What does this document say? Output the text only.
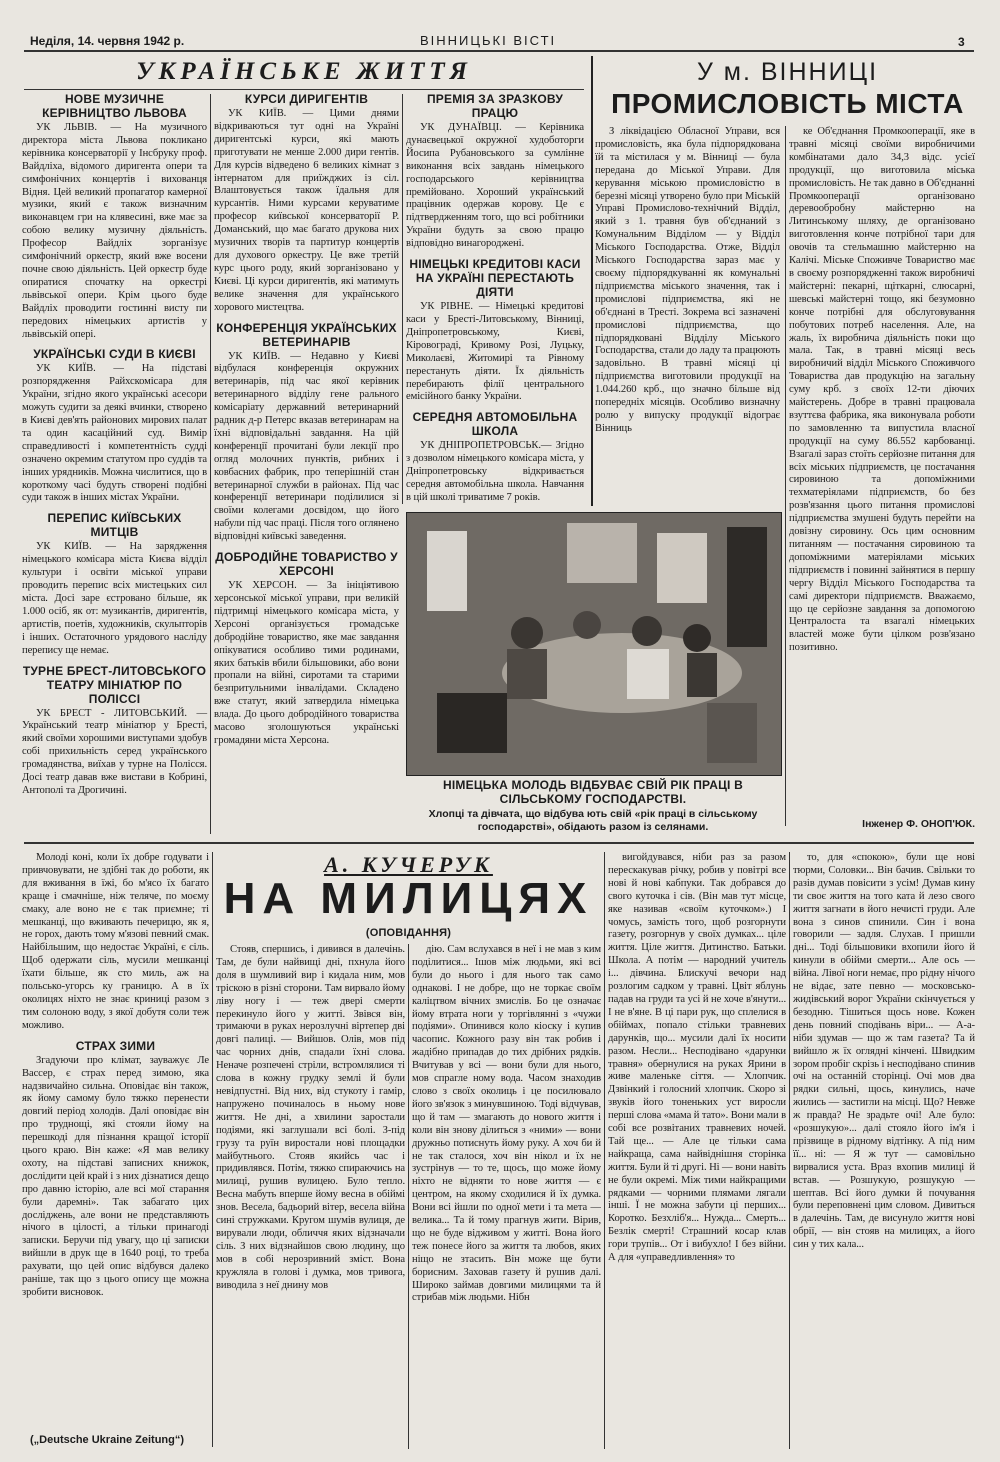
Неділя, 14. червня 1942 р.	ВІННИЦЬКІ ВІСТІ	3
УКРАЇНСЬКЕ ЖИТТЯ
НОВЕ МУЗИЧНЕ КЕРІВНИЦТВО ЛЬВОВА

УК ЛЬВІВ. — На музичного директора міста Львова покликано керівника консерваторії у Інсбруку проф. Вайдліха, відомого диригента опери та симфонічних концертів і вихованця Відня. Цей великий пропагатор камерної музики, який є також визначним виконавцем гри на клявесині, вже має за собою велику музичну діяльність. Професор Вайдліх зорганізує симфонічний оркестр, який вже восени почне свою діяльність. Цей оркестр буде опиратися спочатку на оркестрі львівської опери. Крім цього буде Вайдліх проводити гостинні висту пи передових німецьких артистів у львівській опері.

УКРАЇНСЬКІ СУДИ В КИЄВІ

УК КИЇВ. — На підставі розпорядження Райхскомісара для України, згідно якого українські асесори можуть судити за деякі вчинки, створено в Києві дев'ять районових мирових палат та один касаційний суд. Вимір справедливості і компетентність судді означено окремим статутом про суддів та інших урядників. Можна числитися, що в короткому часі будуть створені подібні суди також в інших містах України.

ПЕРЕПИС КИЇВСЬКИХ МИТЦІВ

УК КИЇВ. — На зарядження німецького комісара міста Києва відділ культури і освіти міської управи проводить перепис всіх мистецьких сил міста. Досі заре єстровано більше, як 1.000 осіб, як от: музикантів, диригентів, артистів, поетів, художників, скульпторів і інших. Остаточного урядового насліду перепису ще немає.

ТУРНЕ БРЕСТ-ЛИТОВСЬКОГО ТЕАТРУ МІНІАТЮР ПО ПОЛІССІ

УК БРЕСТ - ЛИТОВСЬКИЙ. — Український театр мініатюр у Бресті, який своїми хорошими виступами здобув собі прихильність серед українського громадянства, виїхав у турне на Полісся. Досі театр давав вже вистави в Кобрині, Антополі та Дрогичині.

КУРСИ ДИРИГЕНТІВ

УК КИЇВ. — Цими днями відкриваються тут одні на Україні диригентські курси, які мають приготувати не менше 2.000 дири гентів. Для курсів відведено 6 великих кімнат з інтернатом для приїжджих із сіл. Влаштовується також їдальня для курсантів. Ними курсами керуватиме професор київської консерваторії Р. Доманський, що має багато друкова них музичних творів та партитур концертів для духового оркестру. Це вже третій курс цього роду, який зорганізовано у Києві. Ці курси диригентів, які матимуть велике значення для українського хорового мистецтва.

КОНФЕРЕНЦІЯ УКРАЇНСЬКИХ ВЕТЕРИНАРІВ

УК КИЇВ. — Недавно у Києві відбулася конференція окружних ветеринарів, під час якої керівник ветеринарного відділу гене рального комісаріату державний ветеринарний радник д-р Петерс вказав ветеринарам на їхні відповідальні завдання. На цій конференції прочитані були лекції про огляд молочних пунктів, рибних і ковбасних фабрик, про теперішній стан ветеринарної служби в районах. Під час конференції ветеринари поділилися зі своїми колегами досвідом, що його набули під час праці. Після того оглянено відповідні київські заведення.

ДОБРОДІЙНЕ ТОВАРИСТВО У ХЕРСОНІ

УК ХЕРСОН. — За ініціятивою херсонської міської управи, при великій підтримці німецького комісара міста, у Херсоні організується громадське добродійне товариство, яке має завдання опікуватися особливо тими родинами, яких батьків вбили більшовики, або вони пропали на війні, сиротами та старими безпритульними інвалідами. Складено вже статут, який затвердила німецька влада. До цього добродійного товариства масово зголошуються українські громадяни міста Херсона.

ПРЕМІЯ ЗА ЗРАЗКОВУ ПРАЦЮ

УК ДУНАЇВЦІ. — Керівника дунаєвецької окружної худоботорги Йосипа Рубановського за сумлінне виконання всіх завдань німецького господарського керівництва премійовано. Хороший український працівник одержав корову. Це є підтвердженням того, що всі робітники України будуть за свою працю відповідно винагороджені.

НІМЕЦЬКІ КРЕДИТОВІ КАСИ НА УКРАЇНІ ПЕРЕСТАЮТЬ ДІЯТИ

УК РІВНЕ. — Німецькі кредитові каси у Бресті-Литовському, Вінниці, Дніпропетровському, Києві, Кіровограді, Кривому Розі, Луцьку, Миколаєві, Житомирі та Рівному перестануть діяти. Їх діяльність перебирають філії центрального емісійного банку України.

СЕРЕДНЯ АВТОМОБІЛЬНА ШКОЛА

УК ДНІПРОПЕТРОВСЬК.— Згідно з дозволом німецького комісара міста, у Дніпропетровську відкривається середня автомобільна школа. Навчання в цій школі триватиме 7 років.

У м. ВІННИЦІ
ПРОМИСЛОВІСТЬ МІСТА

З ліквідацією Обласної Управи, вся промисловість, яка була підпорядкована їй та містилася у м. Вінниці — була передана до Міської Управи. Для керування міською промисловістю в березні місяці утворено було при Міській Управі Промислово-технічний Відділ, який з 1. травня був об'єднаний з Комунальним Відділом — у Відділ Міського Господарства. Отже, Відділ Міського Господарства зараз має у своєму підпорядкуванні як комунальні підприємства міського значення, так і промислові підприємства, які не об'єднані в Тресті. Зокрема всі зазначені промислові підприємства, що підпорядковані Відділу Міського Господарства, стали до ладу та працюють задовільно. В травні місяці ці підприємства виготовили продукції на 1.044.260 крб., що значно більше від попередніх місяців. Особливо визначну ролю у випуску продукції відограє Вінниць

ке Об'єднання Промкооперації, яке в травні місяці своїми виробничими комбінатами дало 34,3 відс. усієї продукції, що виготовила міська промисловість. Не так давно в Об'єднанні Промкооперації організовано деревообробну майстерню на Литинському шляху, де організовано виготовлення конче потрібної тари для овочів та стельмашню майстерню на Калічі. Міське Споживче Товариство має в своєму розпорядженні також виробничі майстерні: пекарні, щіткарні, слюсарні, шевські майстерні тощо, які безумовно конче потрібні для обслуговування побутових потреб населення. Але, на жаль, їх виробнича діяльність поки що мала. Так, в травні місяці весь виробничий відділ Міського Споживчого Товариства дав продукцію на загальну суму крб. з своїх 12-ти діючих майстерень. Добре в травні працювала взуттєва фабрика, яка виконувала роботи по замовленню та випустила власної продукції на суму 86.552 карбованці. Взагалі зараз стоїть серйозне питання для всіх міських підприємств, це постачання сировиною та допоміжними техматеріялами підприємств, бо без розв'язання цього питання промислові підприємства змушені будуть перейти на довізну сировину. Ось цим основним питанням — постачання сировиною та допоміжними матеріялами міських підприємств і повинні зайнятися в першу чергу Відділ Міського Господарства та самі директори підприємств. Вважаємо, що це серйозне завдання за допомогою Централоста та взагалі німецьких властей може бути цілком розв'язано позитивно.

Інженер Ф. ОНОП'ЮК.
НІМЕЦЬКА МОЛОДЬ ВІДБУВАЄ СВІЙ РІК ПРАЦІ В СІЛЬСЬКОМУ ГОСПОДАРСТВІ.
Хлопці та дівчата, що відбува ють свій «рік праці в сільському господарстві», обідають разом із селянами.

Молоді коні, коли їх добре годувати і привчовувати, не здібні так до роботи, як для вживання в їжі, бо м'ясо їх багато краще і смачніше, ніж теляче, по моєму смаку, але воно не є так приємне; ті мешканці, що вживають печерицю, як я, не горох, дають тому м'язові певний смак. Найбільшим, що недостає Україні, є сіль. Щоб одержати сіль, мусили мешканці їхати більше, як сто миль, аж на польсько-угорсь ку границю. А в їх околицях ніхто не знає криниці разом з тим солоною воду, з якої добутя соли теж можливо.

СТРАХ ЗИМИ

Згадуючи про клімат, зауважує Ле Вассер, є страх перед зимою, яка надзвичайно сильна. Оповідає він також, як йому самому було тяжко перенести довгий період холодів. Далі оповідає він про труднощі, які стояли йому на перешкоді для пізнання кращої історії цього краю. Він каже: «Я мав велику охоту, на підставі записних книжок, дослідити цей край і з них дізнатися дещо про давню історію, але всі мої старання були даремні». Так забагато цих досліджень, але вони не представляють нічого в цілості, а тільки принагоді записки. Беручи під увагу, що ці записки вийшли в друк ще в 1640 році, то треба рахувати, що цей опис відбувся далеко раніше, так що з цього опису ще можна зробити висновок.

(„Deutsche Ukraine Zeitung“)
А. КУЧЕРУК
НА МИЛИЦЯХ
(ОПОВІДАННЯ)

Стояв, спершись, і дивився в далечінь. Там, де були найвищі дні, пхнула його доля в шумливий вир і кидала ним, мов тріскою в різні сторони. Там вирвало йому ліву ногу і — теж двері смерти перекинуло його у житті. Звівся він, тримаючи в руках нерозлучні віртепер дві довгі палиці. — Вийшов. Олів, мов під час чорних днів, спадали їхні слова. Неначе розпечені стріли, встромлялися ті слова в кожну грудку землі й були невідпустні. Від них, від стукоту і гамір, напружено починалось в ньому нове життя. Не дні, а хвилини заростали подіями, які заглушали всі болі. З-під грузу та руїн виростали нові площадки майбутнього. Стояв якийсь час і придивлявся. Потім, тяжко спираючись на милиці, рушив вулицею. Було тепло. Весна мабуть вперше йому весна в обіймі знов. Весела, бадьорий вітер, весела війна сині стружками. Кругом шумів вулиця, де вирували люди, обличчя яких відзначали сіль. З них відзнайшов свою людину, що мов в собі нерозривний зміст. Вона кружляла в голові і думка, мов тривога, виводила з неї днину мов

дію. Сам вслухався в неї і не мав з ким поділитися... Ішов між людьми, які всі були до нього і для нього так само однакові. І не добре, що не торкає своїм каліцтвом вічних змислів. Бо це означає йому втрата ноги у торгівлянні з «чужи подіями». Опинився коло кіоску і купив часопис. Кожного разу він так робив і жадібно припадав до тих дрібних рядків. Вчитував у всі — вони були для нього, мов спрагле ному вода. Часом знаходив слово з своїх околиць і це посилювало його зв'язок з минувшиною. Тоді відчував, що й там — змагають до нового життя і коли він знову ділиться з «ними» — вони дружньо потиснуть йому руку. А хоч би й не так сталося, хоч він нікол и їх не зустрінув — то те, щось, що може йому ніхто не відняти то нове життя — є центром, на якому сходилися й їх думка. Вони всі йшли по одної мети і та мета — велика... Та й тому прагнув жити. Вірив, що не буде відживом у житті. Вона його теж понесе його за життя та любов, яких ніщо не зтасить. Він може ще бути борисним. Заховав газету й рушив далі. Широко займав довгими милицями та й стрибав між людьми. Нібн

вигойдувався, ніби раз за разом перескакував річку, робив у повітрі все нові й нові кабпуки. Так добрався до свого куточка і сів. (Він мав тут місце, яке називав «своїм куточком».) І чомусь, замість того, щоб розгорнути газету, розгорнув у своїх думках... ціле життя. Ціле життя. Дитинство. Батьки. Школа. А потім — народний учитель і... дівчина. Блискучі вечори над розлогим садком у травні. Цвіт яблунь падав на груди та усі й не хоче в'янути... І не в'яне. В ці пари рук, що сплелися в обіймах, попало стільки травневих дарунків, що... мусили далі їх носити разом. Несли... Несподівано «дарунки травня» обернулися на руках Ярини в живе маленьке сіття. — Хлопчик. Дзвінкий і голосний хлопчик. Скоро зі звуків його тоненьких уст виросли перші слова «мама й тато». Вони мали в собі все розвітаних травневих ночей. Тай ще... — Але це тільки сама найкраща, сама найвіднішня сторінка життя. Були й ті другі. Ні — вони навіть не були окремі. Між тими найкращими рядками — чорними плямами лягали інші. Ї не можна забути ці перших... Коротко. Безхліб'я... Нужда... Смерть... Безлік смерті! Страшний косар клав гори трупів... От і вибухло! І без війни. А для «управедливлення» то

то, для «спокою», були ще нові тюрми, Соловки... Він бачив. Свільки то разів думав повісити з усім! Думав кину ти своє життя на того ката й лезо свого життя загнати в його нечисті груди. Але вона з синов спинили. Син і вона говорили — задля. Слухав. І пришли дні... Тоді більшовики вхопили його й кинули в обійми смерти... Але ось — війна. Лівої ноги немає, про рідну нічого не відає, зате певно — московсько-жидівський ворог України скінчується у безодню. Тішиться щось нове. Кожен день повний сподівань віри... — А-а-ніби здумав — що ж там газета? Та й вийшло ж їх оглядні кінчені. Швидким зором пробіг скрізь і несподівано спинив очі на останній сторінці. Очі мов два рядки сильні, щось, кинулись, наче жились — застигли на місці. Що? Невже ж правда? Не зрадьте очі! Але було: «розшукую»... далі стояло його ім'я і прізвище в рідному відтінку. А під ним її... ні: — Я ж тут — самовільно вирвалися уста. Враз вхопив милиці й встав. — Розшукую, розшукую — шептав. Всі його думки й почування були переповнені цим словом. Дивиться в далечінь. Там, де висунуло життя нові обрії, — він стояв на милицях, а його син у тих кала...
